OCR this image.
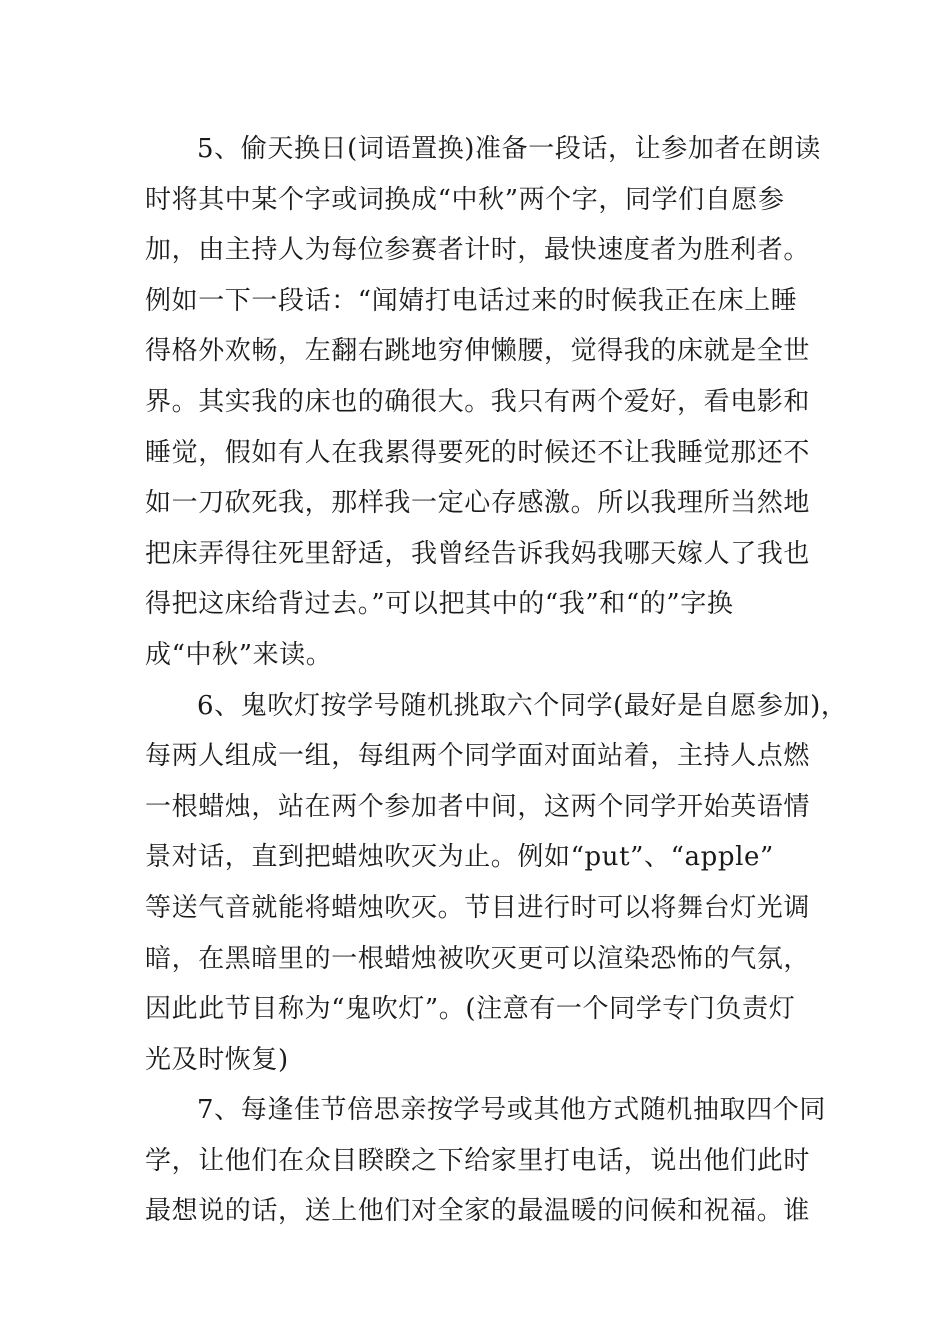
5、偷天换日(词语置换)准备一段话，让参加者在朗读
时将其中某个字或词换成“中秋”两个字，同学们自愿参
加，由主持人为每位参赛者计时，最快速度者为胜利者。
例如一下一段话：“闻婧打电话过来的时候我正在床上睡
得格外欢畅，左翻右跳地穷伸懒腰，觉得我的床就是全世
界。其实我的床也的确很大。我只有两个爱好，看电影和
睡觉，假如有人在我累得要死的时候还不让我睡觉那还不
如一刀砍死我，那样我一定心存感激。所以我理所当然地
把床弄得往死里舒适，我曾经告诉我妈我哪天嫁人了我也
得把这床给背过去。”可以把其中的“我”和“的”字换
成“中秋”来读。
6、鬼吹灯按学号随机挑取六个同学(最好是自愿参加)，
每两人组成一组，每组两个同学面对面站着，主持人点燃
一根蜡烛，站在两个参加者中间，这两个同学开始英语情
景对话，直到把蜡烛吹灭为止。例如“put”、“apple”
等送气音就能将蜡烛吹灭。节目进行时可以将舞台灯光调
暗，在黑暗里的一根蜡烛被吹灭更可以渲染恐怖的气氛，
因此此节目称为“鬼吹灯”。(注意有一个同学专门负责灯
光及时恢复)
7、每逢佳节倍思亲按学号或其他方式随机抽取四个同
学，让他们在众目睽睽之下给家里打电话，说出他们此时
最想说的话，送上他们对全家的最温暖的问候和祝福。谁
